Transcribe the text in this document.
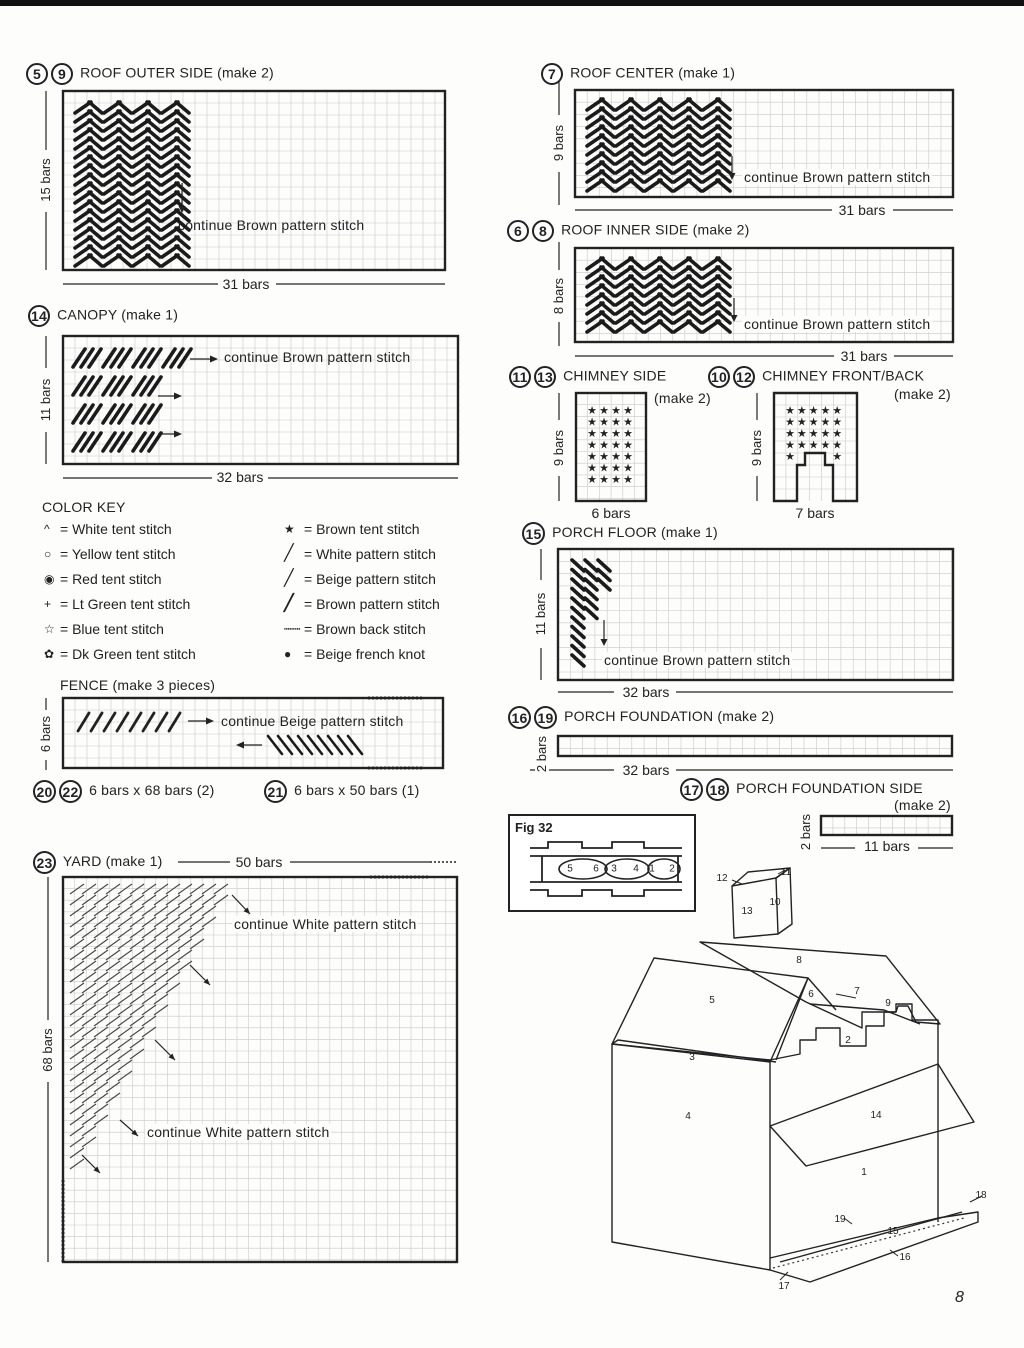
★ ★ ★ ★
★ ★ ★ ★
★ ★ ★ ★
★ ★ ★ ★
★ ★ ★ ★
★ ★ ★ ★
★ ★ ★ ★
★ ★ ★ ★ ★
★ ★ ★ ★ ★
★ ★ ★ ★ ★
★ ★ ★ ★ ★
★	★
5 9 ROOF OUTER SIDE (make 2)
15 bars
31 bars
continue Brown pattern stitch
14 CANOPY (make 1)
11 bars
32 bars
continue Brown pattern stitch
COLOR KEY
^ = White tent stitch
○ = Yellow tent stitch
◉ = Red tent stitch
+ = Lt Green tent stitch
☆ = Blue tent stitch
✿ = Dk Green tent stitch
★ = Brown tent stitch
╱ = White pattern stitch
╱ = Beige pattern stitch
╱ = Brown pattern stitch
┅┅┅ = Brown back stitch
● = Beige french knot
FENCE (make 3 pieces)
6 bars	continue Beige pattern stitch
20 22 6 bars x 68 bars (2)	21 6 bars x 50 bars (1)
23 YARD (make 1)	50 bars
68 bars
continue White pattern stitch
continue White pattern stitch
7 ROOF CENTER (make 1)
9 bars
31 bars
continue Brown pattern stitch
6 8 ROOF INNER SIDE (make 2)
8 bars
31 bars
continue Brown pattern stitch
11 13 CHIMNEY SIDE
(make 2)
9 bars
6 bars
10 12 CHIMNEY FRONT/BACK
(make 2)
9 bars
7 bars
15 PORCH FLOOR (make 1)
11 bars
32 bars
continue Brown pattern stitch
16 19 PORCH FOUNDATION (make 2)
2 bars	32 bars
17 18 PORCH FOUNDATION SIDE
(make 2)
2 bars	11 bars
Fig 32
5 6 3 4 1 2
12
11
13
10
8
5
6	7
9
3
2
4	14
1
18
19
15
16
17
8
